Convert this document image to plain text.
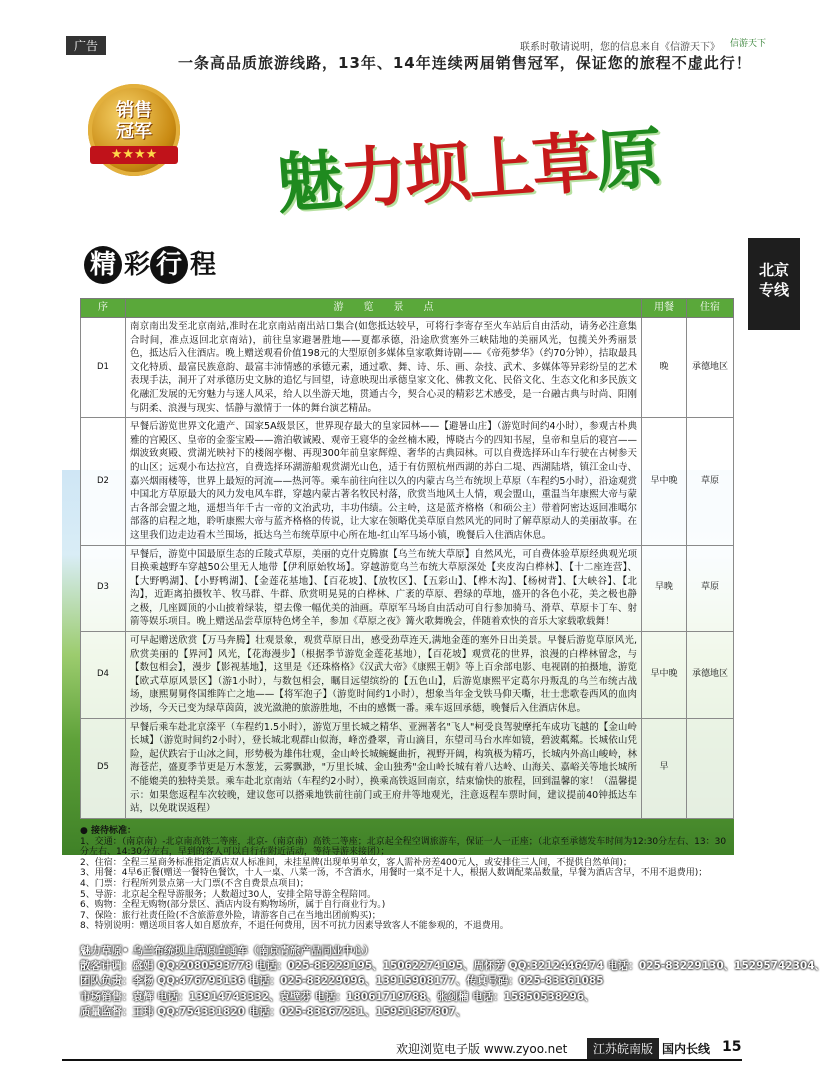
广告	联系时敬请说明，您的信息来自《信游天下》 信游天下
一条高品质旅游线路，13年、14年连续两届销售冠军，保证您的旅程不虚此行！
销售
冠军
★★★★	魅力坝上草原
精 彩 行 程	北京
专线
序	游　　览　　景　　点	用餐	住宿
D1	南京南出发至北京南站,准时在北京南站南出站口集合(如您抵达较早，可将行李寄存至火车站后自由活动，请务必注意集合时间，准点返回北京南站)，前往皇家避暑胜地——夏都承德，沿途欣赏塞外三峡陆地的美丽风光，包揽关外秀丽景色，抵达后入住酒店。晚上赠送观看价值198元的大型原创多媒体皇家歌舞诗剧——《帝苑梦华》（约70分钟），拮取最具文化特质、最富民族意韵、最富丰沛情感的承德元素，通过歌、舞、诗、乐、画、杂技、武术、多媒体等异彩纷呈的艺术表现手法，洞开了对承德历史文脉的追忆与回望，诗意映现出承德皇家文化、佛教文化、民俗文化、生态文化和多民族文化融汇发展的无穷魅力与迷人风采，给人以坐游天地，贯通古今，契合心灵的精彩艺术感受，是一台融古典与时尚、阳刚与阴柔、浪漫与现实、恬静与激情于一体的舞台演艺精品。	晚	承德地区
D2	早餐后游览世界文化遗产、国家5A级景区，世界现存最大的皇家园林——【避暑山庄】（游览时间约4小时），参观古朴典雅的宫殿区、皇帝的金銮宝殿——澹泊敬诚殿、观帝王寝华的金丝楠木殿，博晓古今的四知书屋，皇帝和皇后的寝宫——烟波致爽殿、赏湖光映衬下的楼阁亭榭、再现300年前皇家辉煌、奢华的古典园林。可以自费选择环山车行驶在古树参天的山区；远观小布达拉宫，自费选择环湖游船观赏湖光山色，适于有仿照杭州西湖的苏白二堤、西湖陆塔，镇江金山寺、嘉兴烟雨楼等，世界上最短的河流——热河等。乘车前往向往以久的内蒙古乌兰布统坝上草原（车程约5小时），沿途观赏中国北方草原最大的风力发电风车群，穿越内蒙古著名牧民村落，欣赏当地风土人情，观会盟山，重温当年康熙大帝与蒙古各部会盟之地，遥想当年千古一帝的文治武功，丰功伟绩。公主岭，这是蓝齐格格（和硕公主）带着阿密达返回准噶尔部落的启程之地，聆听康熙大帝与蓝齐格格的传说，让大家在领略优美草原自然风光的同时了解草原动人的美丽故事。在这里我们边走边看木兰围场，抵达乌兰布统草原中心所在地-红山军马场小镇，晚餐后入住酒店休息。	早中晚	草原
D3	早餐后，游览中国最原生态的丘陵式草原，美丽的克什克腾旗【乌兰布统大草原】自然风光，可自费体验草原经典观光项目换乘越野车穿越50公里无人地带【伊利原始牧场】。穿越游览乌兰布统大草原深处【夹皮沟白桦林】、【十二座连营】、【大野鸭湖】、【小野鸭湖】、【金莲花基地】、【百花坡】、【放牧区】、【五彩山】、【桦木沟】、【杨树背】、【大峡谷】、【北沟】，近距离拍摄牧羊、牧马群、牛群、欣赏明晃晃的白桦林、广袤的草原、碧绿的草地，盛开的各色小花，美之极也静之极，几座圆顶的小山披着绿装，望去像一幅优美的油画。草原军马场自由活动可自行参加骑马、滑草、草原卡丁车、射箭等娱乐项目。晚上赠送品尝草原特色烤全羊，参加《草原之夜》篝火歌舞晚会，伴随着欢快的音乐大家载歌载舞！	早晚	草原
D4	可早起赠送欣赏【万马奔腾】壮观景象，观赏草原日出，感受劲草连天,满地金莲的塞外日出美景。早餐后游览草原风光,欣赏美丽的【界河】风光，【花海漫步】（根据季节游览金莲花基地），【百花坡】观赏花的世界，浪漫的白桦林留念，与【数包相会】，漫步【影视基地】，这里是《还珠格格》《汉武大帝》《康熙王朝》等上百余部电影、电视剧的拍摄地，游览【欧式草原风景区】（游1小时），与数包相会，瞩目远望缤纷的【五色山】，后游览康熙平定葛尔丹叛乱的乌兰布统古战场，康熙舅舅佟国维阵亡之地——【将军泡子】（游览时间约1小时），想象当年金戈铁马仰天嘶，壮士悲歌卷西风的血肉沙场，今天已变为绿草茵茵，波光潋滟的旅游胜地，不由的感慨一番。乘车返回承德，晚餐后入住酒店休息。	早中晚	承德地区
D5	早餐后乘车赴北京滦平（车程约1.5小时），游览万里长城之精华、亚洲著名"飞人"柯受良驾驶摩托车成功飞越的【金山岭长城】（游览时间约2小时），登长城北观群山似海，峰峦叠翠，青山滴目，东望司马台水库如镜，碧波粼粼。长城依山凭险，起伏跌宕于山冰之间，形势极为雄伟壮观，金山岭长城蜿蜒曲折，视野开阔，构筑极为精巧，长城内外高山峻岭，林海苍茫，盛夏季节更是万木葱茏，云雾飘渺，"万里长城、金山独秀"金山岭长城有着八达岭、山海关、嘉峪关等地长城所不能媲美的独特美景。乘车赴北京南站（车程约2小时），换乘高铁返回南京，结束愉快的旅程，回到温馨的家！（温馨提示：如果您返程车次较晚，建议您可以搭乘地铁前往前门或王府井等地观光，注意返程车票时间，建议提前40钟抵达车站，以免耽误返程）	早	
● 接待标准：
1、交通：（南京南）-北京南高铁二等座，北京-（南京南）高铁二等座；北京起全程空调旅游车，保证一人一正座；（北京至承德发车时间为12:30分左右、13：30分左右、14:30分左右，早到的客人可以自行在附近活动，等待导游来接团）；
2、住宿：全程三星商务标准指定酒店双人标准间，未挂星牌(出现单男单女，客人需补房差400元人，或安排住三人间，不提供自然单间)；
3、用餐：4早6正餐(赠送一餐特色餐饮，十人一桌、八菜一汤，不含酒水，用餐时一桌不足十人，根据人数调配菜品数量，早餐为酒店含早，不用不退费用)；
4、门票：行程所列景点第一大门票(不含自费景点项目)；
5、导游：北京起全程导游服务；人数超过30人，安排全陪导游全程陪同。
6、购物：全程无购物(部分景区、酒店内设有购物场所，属于自行商业行为。)
7、保险：旅行社责任险(不含旅游意外险，请游客自己在当地出团前购买)；
8、特别说明：赠送项目客人如自愿放弃，不退任何费用，因不可抗力因素导致客人不能参观的，不退费用。
魅力草原• 乌兰布统坝上草原直通车（南京青旅产品同业中心）
散客计调：盛娟 QQ:2080593778 电话：025-83229195、15062274195、周怀芳 QQ:3212446474 电话：025-83229130、15295742304、
团队负责：李杨 QQ:476793136 电话：025-83229096、13915908177、传真号码：025-83361085
市场销售：袁辉 电话：13914743332、袁壁芬 电话：18061719788、张剑楠 电话：15850538296、
质量监督：王玮 QQ:754331820 电话：025-83367231、15951857807、
欢迎浏览电子版 www.zyoo.net	江苏皖南版 国内长线 15
